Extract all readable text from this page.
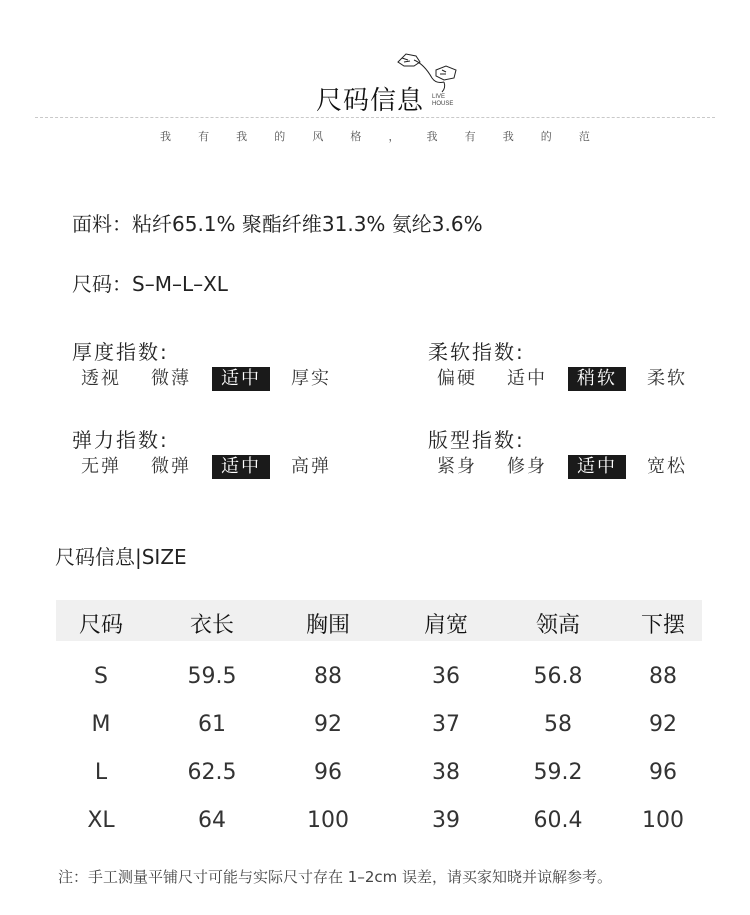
尺码信息 LIVE
HOUSE
我 有 我 的 风 格 ， 我 有 我 的 范
面料：粘纤65.1% 聚酯纤维31.3% 氨纶3.6%
尺码：S–M–L–XL
厚度指数:
透视	微薄	适中	厚实
柔软指数:
偏硬	适中	稍软	柔软
弹力指数:
无弹	微弹	适中	高弹
版型指数:
紧身	修身	适中	宽松
尺码信息|SIZE
尺码	衣长	胸围	肩宽	领高	下摆
S	59.5	88	36	56.8	88
M	61	92	37	58	92
L	62.5	96	38	59.2	96
XL	64	100	39	60.4	100
注：手工测量平铺尺寸可能与实际尺寸存在 1–2cm 误差，请买家知晓并谅解参考。
